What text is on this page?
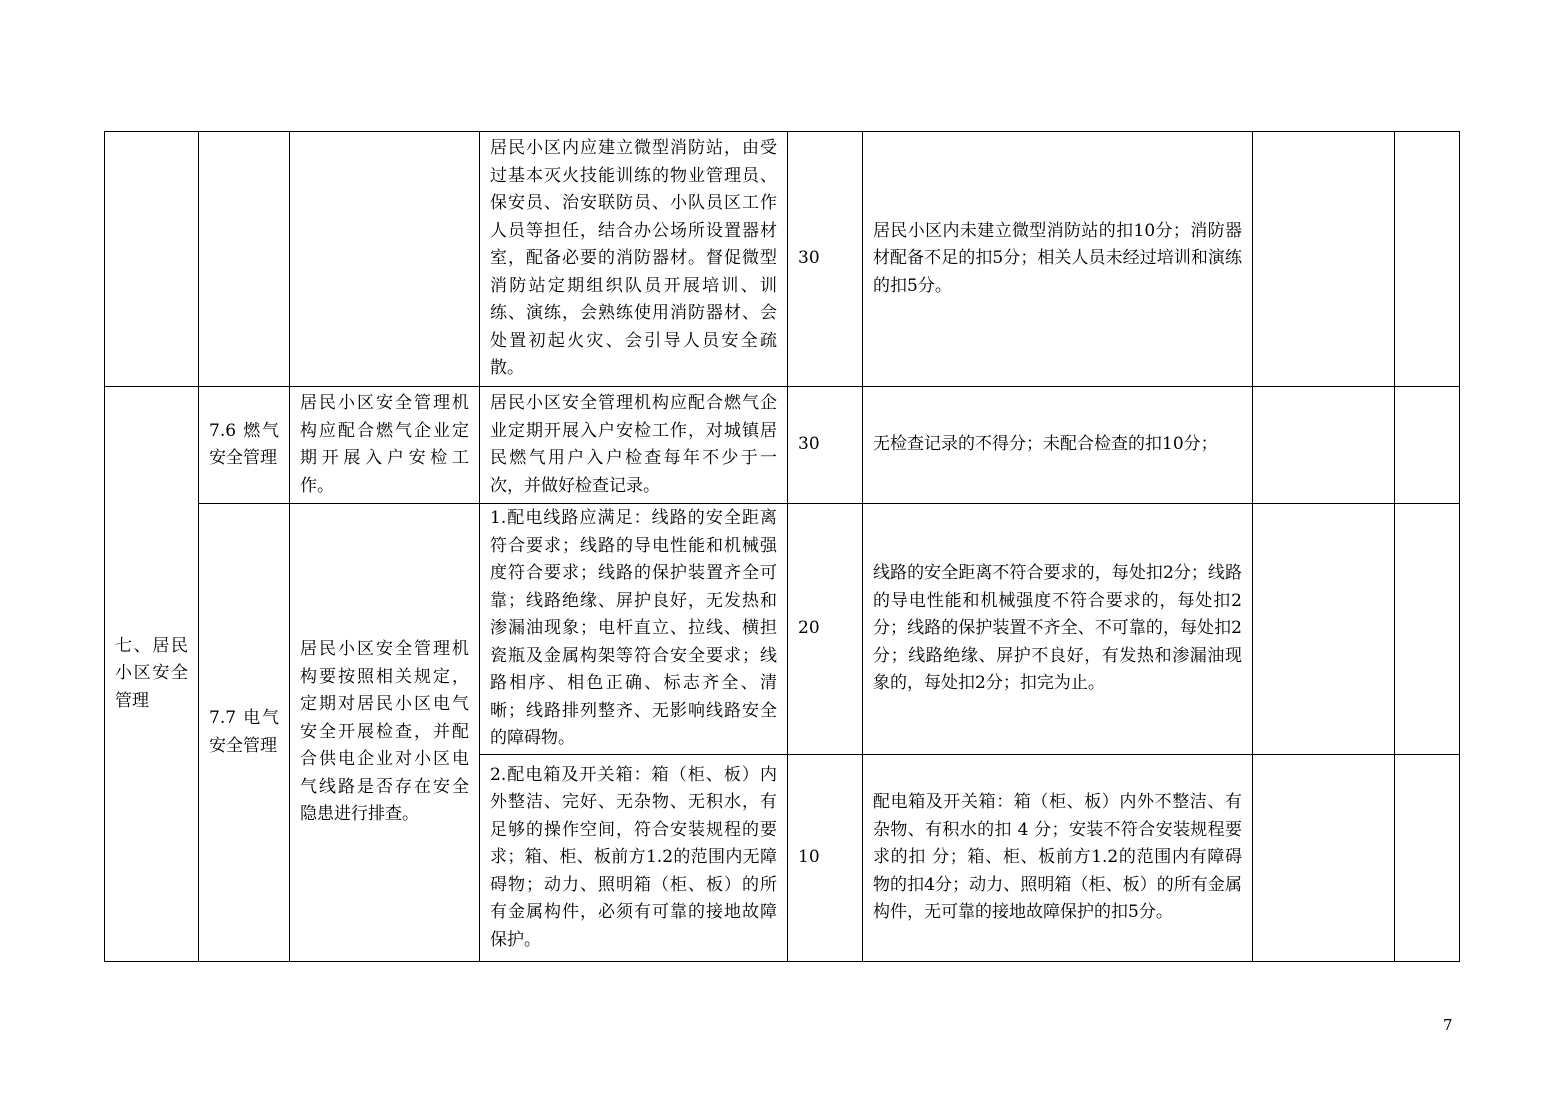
			居民小区内应建立微型消防站，由受过基本灭火技能训练的物业管理员、保安员、治安联防员、小队员区工作人员等担任，结合办公场所设置器材室，配备必要的消防器材。督促微型消防站定期组织队员开展培训、训练、演练，会熟练使用消防器材、会处置初起火灾、会引导人员安全疏散。	30	居民小区内未建立微型消防站的扣10分；消防器材配备不足的扣5分；相关人员未经过培训和演练的扣5分。		
七、居民小区安全管理	7.6 燃气安全管理	居民小区安全管理机构应配合燃气企业定期开展入户安检工作。	居民小区安全管理机构应配合燃气企业定期开展入户安检工作，对城镇居民燃气用户入户检查每年不少于一次，并做好检查记录。	30	无检查记录的不得分；未配合检查的扣10分；		
	7.7 电气安全管理	居民小区安全管理机构要按照相关规定，定期对居民小区电气安全开展检查，并配合供电企业对小区电气线路是否存在安全隐患进行排查。	1.配电线路应满足：线路的安全距离符合要求；线路的导电性能和机械强度符合要求；线路的保护装置齐全可靠；线路绝缘、屏护良好，无发热和渗漏油现象；电杆直立、拉线、横担瓷瓶及金属构架等符合安全要求；线路相序、相色正确、标志齐全、清晰；线路排列整齐、无影响线路安全的障碍物。	20	线路的安全距离不符合要求的，每处扣2分；线路的导电性能和机械强度不符合要求的，每处扣2分；线路的保护装置不齐全、不可靠的，每处扣2分；线路绝缘、屏护不良好，有发热和渗漏油现象的，每处扣2分；扣完为止。		
			2.配电箱及开关箱：箱（柜、板）内外整洁、完好、无杂物、无积水，有足够的操作空间，符合安装规程的要求；箱、柜、板前方1.2的范围内无障碍物；动力、照明箱（柜、板）的所有金属构件，必须有可靠的接地故障保护。	10	配电箱及开关箱：箱（柜、板）内外不整洁、有杂物、有积水的扣 4 分；安装不符合安装规程要求的扣 分；箱、柜、板前方1.2的范围内有障碍物的扣4分；动力、照明箱（柜、板）的所有金属构件，无可靠的接地故障保护的扣5分。		
7
